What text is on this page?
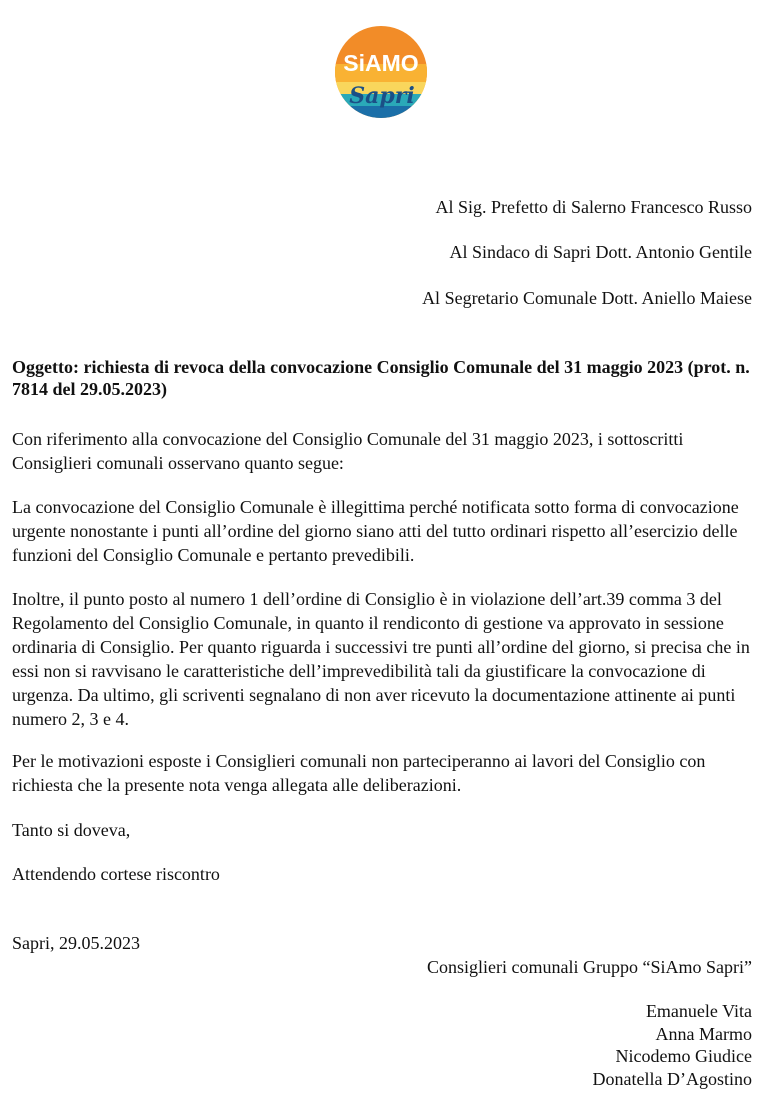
SiAMO
Sapri
Al Sig. Prefetto di Salerno Francesco Russo
Al Sindaco di Sapri Dott. Antonio Gentile
Al Segretario Comunale Dott. Aniello Maiese
Oggetto: richiesta di revoca della convocazione Consiglio Comunale del 31 maggio 2023 (prot. n. 7814 del 29.05.2023)
Con riferimento alla convocazione del Consiglio Comunale del 31 maggio 2023, i sottoscritti Consiglieri comunali osservano quanto segue:
La convocazione del Consiglio Comunale è illegittima perché notificata sotto forma di convocazione urgente nonostante i punti all’ordine del giorno siano atti del tutto ordinari rispetto all’esercizio delle funzioni del Consiglio Comunale e pertanto prevedibili.
Inoltre, il punto posto al numero 1 dell’ordine di Consiglio è in violazione dell’art.39 comma 3 del Regolamento del Consiglio Comunale, in quanto il rendiconto di gestione va approvato in sessione ordinaria di Consiglio. Per quanto riguarda i successivi tre punti all’ordine del giorno, si precisa che in essi non si ravvisano le caratteristiche dell’imprevedibilità tali da giustificare la convocazione di urgenza. Da ultimo, gli scriventi segnalano di non aver ricevuto la documentazione attinente ai punti numero 2, 3 e 4.
Per le motivazioni esposte i Consiglieri comunali non parteciperanno ai lavori del Consiglio con richiesta che la presente nota venga allegata alle deliberazioni.
Tanto si doveva,
Attendendo cortese riscontro
Sapri, 29.05.2023
Consiglieri comunali Gruppo “SiAmo Sapri”
Emanuele Vita
Anna Marmo
Nicodemo Giudice
Donatella D’Agostino
